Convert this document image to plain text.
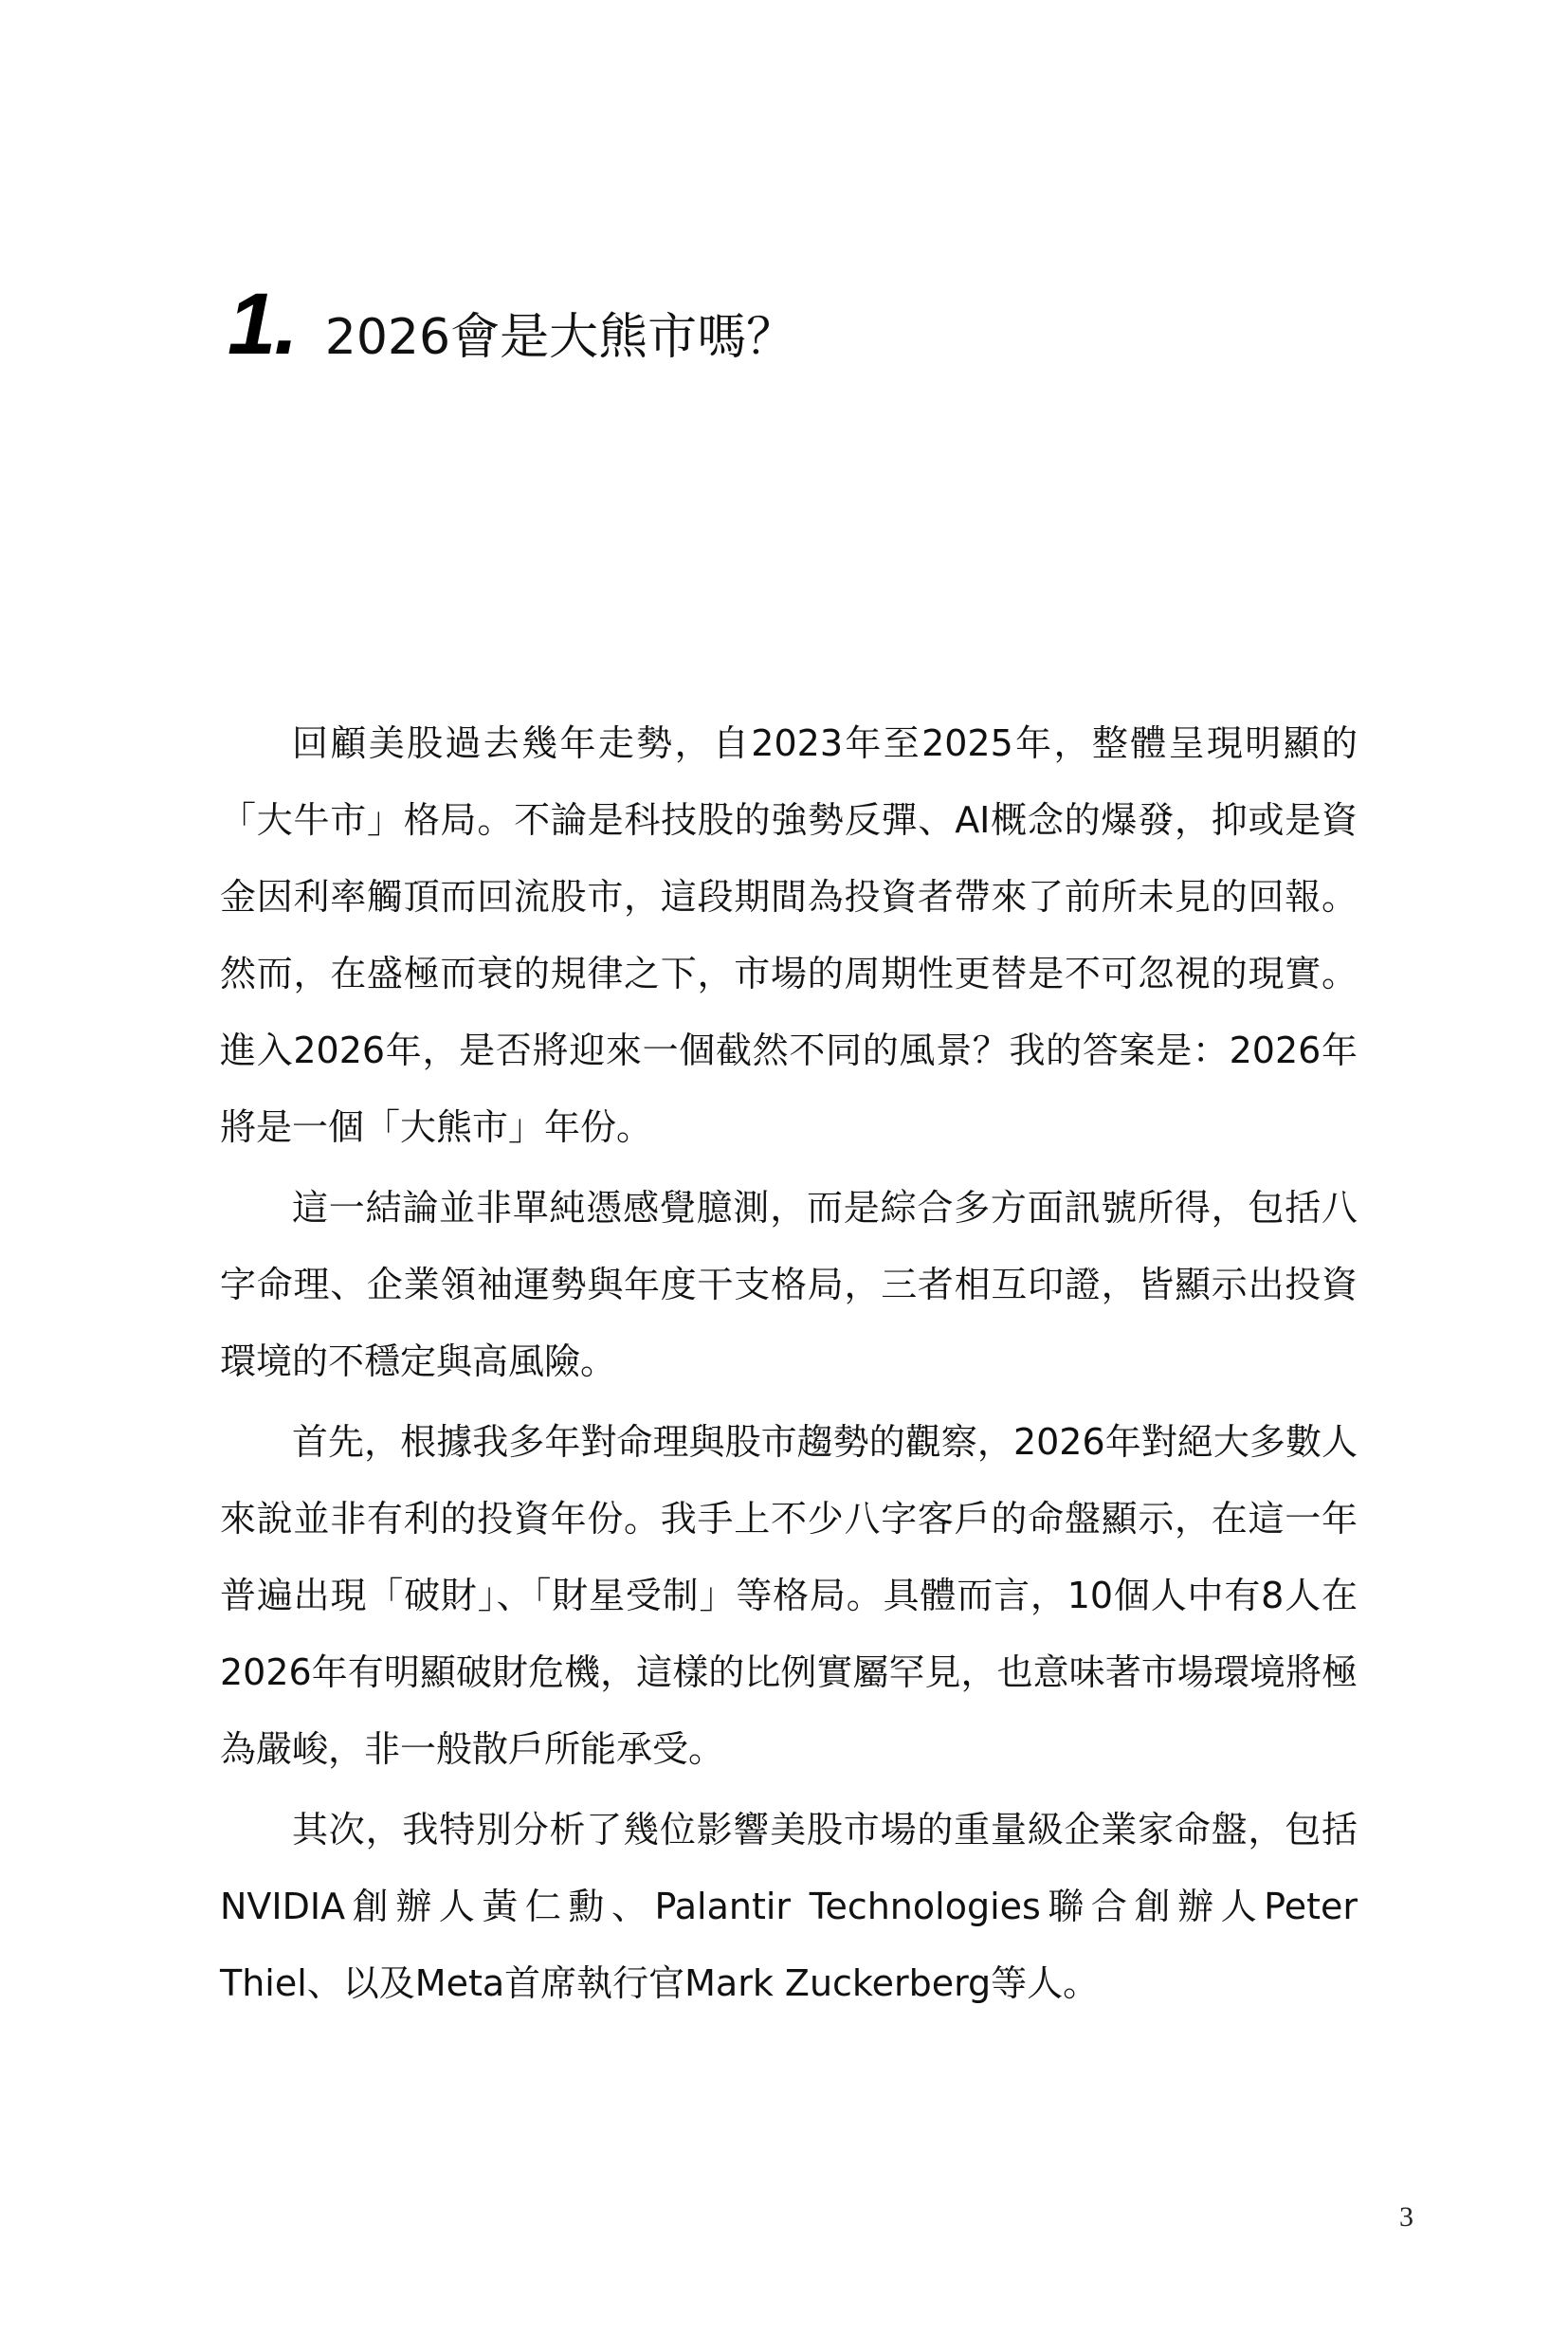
1. 2026會是大熊市嗎？

回顧美股過去幾年走勢，自2023年至2025年，整體呈現明顯的「大牛市」格局。不論是科技股的強勢反彈、AI概念的爆發，抑或是資金因利率觸頂而回流股市，這段期間為投資者帶來了前所未見的回報。然而，在盛極而衰的規律之下，市場的周期性更替是不可忽視的現實。進入2026年，是否將迎來一個截然不同的風景？我的答案是：2026年將是一個「大熊市」年份。

這一結論並非單純憑感覺臆測，而是綜合多方面訊號所得，包括八字命理、企業領袖運勢與年度干支格局，三者相互印證，皆顯示出投資環境的不穩定與高風險。

首先，根據我多年對命理與股市趨勢的觀察，2026年對絕大多數人來說並非有利的投資年份。我手上不少八字客戶的命盤顯示，在這一年普遍出現「破財」、「財星受制」等格局。具體而言，10個人中有8人在2026年有明顯破財危機，這樣的比例實屬罕見，也意味著市場環境將極為嚴峻，非一般散戶所能承受。

其次，我特別分析了幾位影響美股市場的重量級企業家命盤，包括NVIDIA創辦人黃仁勳、Palantir Technologies聯合創辦人Peter Thiel、以及Meta首席執行官Mark Zuckerberg等人。

3
